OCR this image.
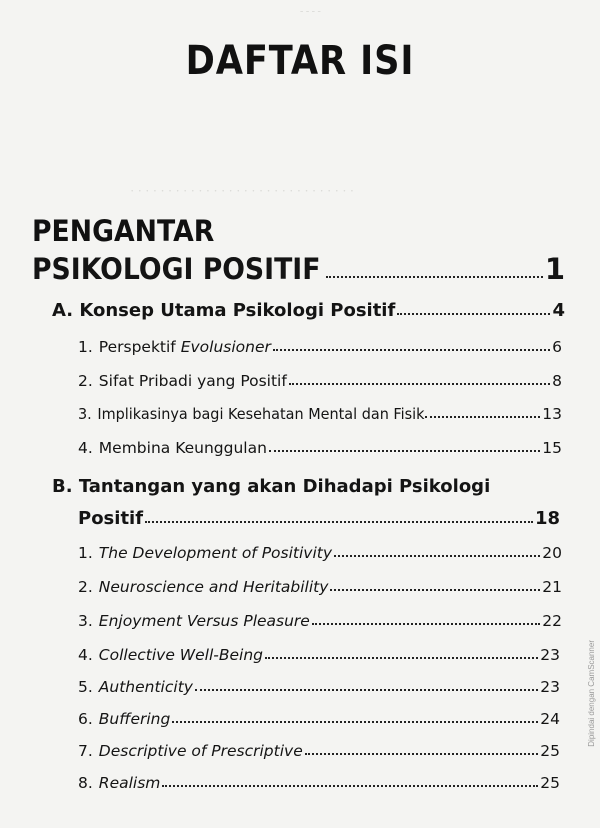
- - - -
· · · · · · · · · · · · · · · · · · · · · · · · · · · · · ·
DAFTAR ISI
PENGANTAR
PSIKOLOGI POSITIF	1
A. Konsep Utama Psikologi Positif	4
1. Perspektif Evolusioner	6
2. Sifat Pribadi yang Positif	8
3. Implikasinya bagi Kesehatan Mental dan Fisik	13
4. Membina Keunggulan	15
B. Tantangan yang akan Dihadapi Psikologi
Positif	18
1. The Development of Positivity	20
2. Neuroscience and Heritability	21
3. Enjoyment Versus Pleasure	22
4. Collective Well-Being	23
5. Authenticity	23
6. Buffering	24
7. Descriptive of Prescriptive	25
8. Realism	25
Dipindai dengan CamScanner
